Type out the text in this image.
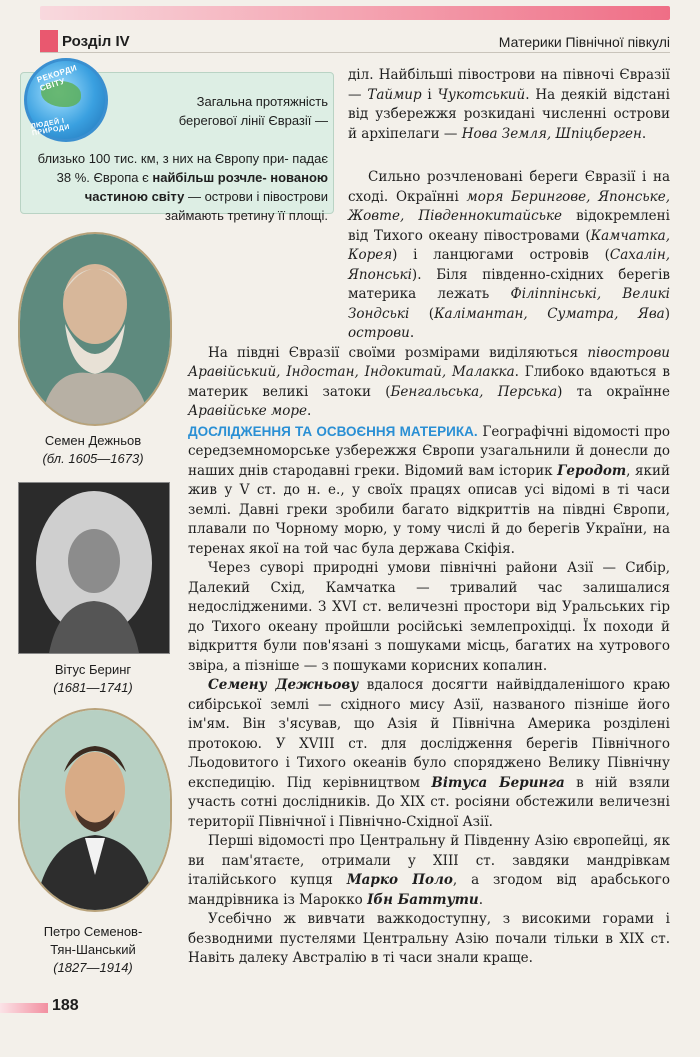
Розділ IV	Материки Північної півкулі
РЕКОРДИ СВІТУ
ЛЮДЕЙ І ПРИРОДИ
Загальна протяжність
берегової лінії Євразії —
близько 100 тис. км, з них на Європу при- падає 38 %. Європа є найбільш розчле- нованою частиною світу — острови і півострови займають третину її площі.
Семен Дежньов
(бл. 1605—1673)
Вітус Беринг
(1681—1741)
Петро Семенов-
Тян-Шанський
(1827—1914)

діл. Найбільші півострови на півночі Євразії — Таймир і Чукотський. На деякій відстані від узбережжя розкидані численні острови й архіпелаги — Нова Земля, Шпіцберген.

Сильно розчленовані береги Євразії і на сході. Окраїнні моря Берингове, Японське, Жовте, Південнокитайське відокремлені від Тихого океану півостровами (Камчатка, Корея) і ланцюгами островів (Сахалін, Японські). Біля південно-східних берегів материка лежать Філіппінські, Великі Зондські (Калімантан, Суматра, Ява) острови.

На півдні Євразії своїми розмірами виділяються півострови Аравійський, Індостан, Індокитай, Малакка. Глибоко вдаються в материк великі затоки (Бенгальська, Перська) та окраїнне Аравійське море.

ДОСЛІДЖЕННЯ ТА ОСВОЄННЯ МАТЕРИКА. Географічні відомості про середземноморське узбережжя Європи узагальнили й донесли до наших днів стародавні греки. Відомий вам історик Геродот, який жив у V ст. до н. е., у своїх працях описав усі відомі в ті часи землі. Давні греки зробили багато відкриттів на півдні Європи, плавали по Чорному морю, у тому числі й до берегів України, на теренах якої на той час була держава Скіфія.

Через суворі природні умови північні райони Азії — Сибір, Далекий Схід, Камчатка — тривалий час залишалися недослідженими. З XVI ст. величезні простори від Уральських гір до Тихого океану пройшли російські землепрохідці. Їх походи й відкриття були пов'язані з пошуками місць, багатих на хутрового звіра, а пізніше — з пошуками корисних копалин.

Семену Дежньову вдалося досягти найвіддаленішого краю сибірської землі — східного мису Азії, названого пізніше його ім'ям. Він з'ясував, що Азія й Північна Америка розділені протокою. У XVIII ст. для дослідження берегів Північного Льодовитого і Тихого океанів було споряджено Велику Північну експедицію. Під керівництвом Вітуса Беринга в ній взяли участь сотні дослідників. До XIX ст. росіяни обстежили величезні території Північної і Північно-Східної Азії.

Перші відомості про Центральну й Південну Азію європейці, як ви пам'ятаєте, отримали у XIII ст. завдяки мандрівкам італійського купця Марко Поло, а згодом від арабського мандрівника із Марокко Ібн Баттути.

Усебічно ж вивчати важкодоступну, з високими горами і безводними пустелями Центральну Азію почали тільки в XIX ст. Навіть далеку Австралію в ті часи знали краще.

188
